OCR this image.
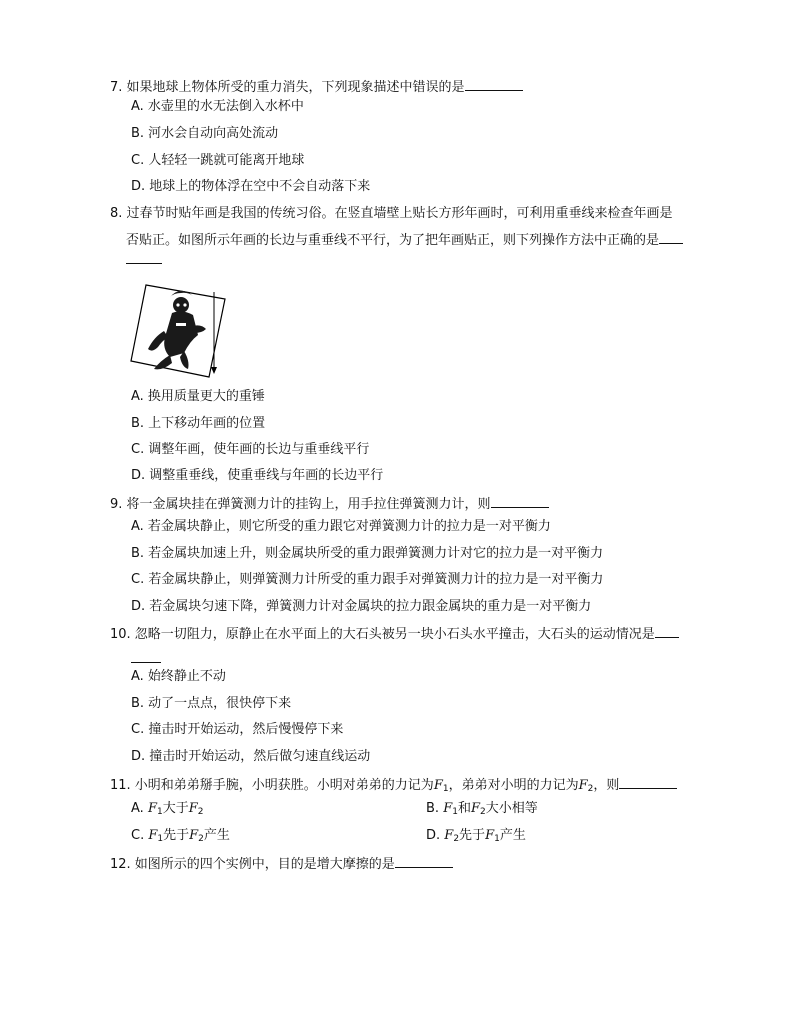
7. 如果地球上物体所受的重力消失，下列现象描述中错误的是
A. 水壶里的水无法倒入水杯中
B. 河水会自动向高处流动
C. 人轻轻一跳就可能离开地球
D. 地球上的物体浮在空中不会自动落下来
8. 过春节时贴年画是我国的传统习俗。在竖直墙壁上贴长方形年画时，可利用重垂线来检查年画是
否贴正。如图所示年画的长边与重垂线不平行，为了把年画贴正，则下列操作方法中正确的是
A. 换用质量更大的重锤
B. 上下移动年画的位置
C. 调整年画，使年画的长边与重垂线平行
D. 调整重垂线，使重垂线与年画的长边平行
9. 将一金属块挂在弹簧测力计的挂钩上，用手拉住弹簧测力计，则
A. 若金属块静止，则它所受的重力跟它对弹簧测力计的拉力是一对平衡力
B. 若金属块加速上升，则金属块所受的重力跟弹簧测力计对它的拉力是一对平衡力
C. 若金属块静止，则弹簧测力计所受的重力跟手对弹簧测力计的拉力是一对平衡力
D. 若金属块匀速下降，弹簧测力计对金属块的拉力跟金属块的重力是一对平衡力
10. 忽略一切阻力，原静止在水平面上的大石头被另一块小石头水平撞击，大石头的运动情况是
A. 始终静止不动
B. 动了一点点，很快停下来
C. 撞击时开始运动，然后慢慢停下来
D. 撞击时开始运动，然后做匀速直线运动
11. 小明和弟弟掰手腕，小明获胜。小明对弟弟的力记为$F_1$，弟弟对小明的力记为$F_2$，则
A. $F_1$大于$F_2$	B. $F_1$和$F_2$大小相等
C. $F_1$先于$F_2$产生	D. $F_2$先于$F_1$产生
12. 如图所示的四个实例中，目的是增大摩擦的是
